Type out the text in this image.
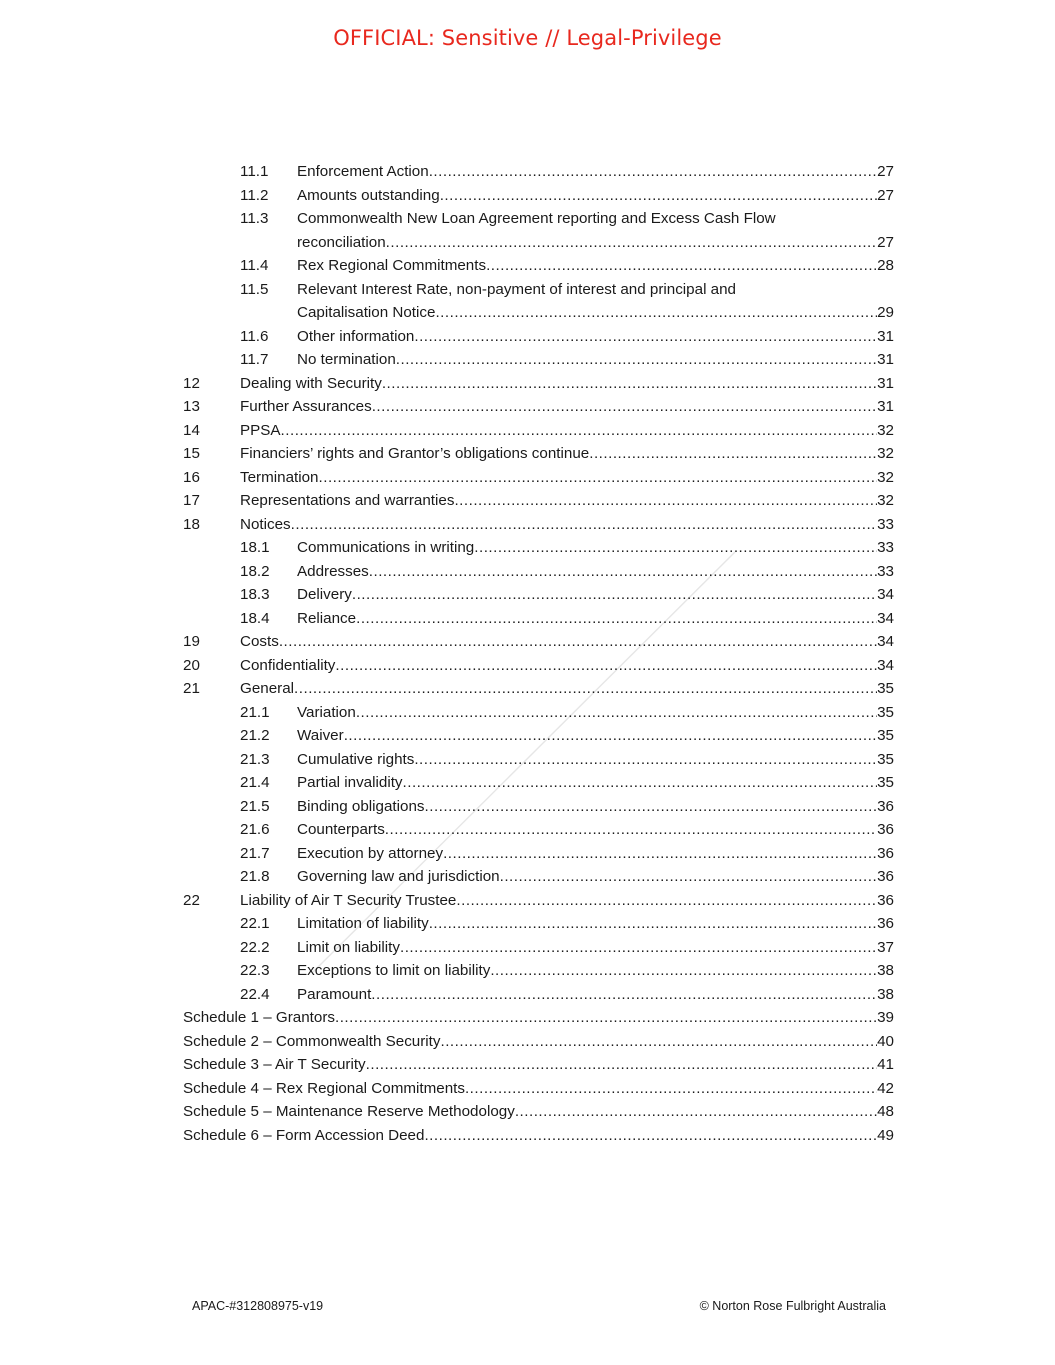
OFFICIAL: Sensitive // Legal-Privilege
11.1 Enforcement Action .....	27
11.2 Amounts outstanding .....	27
11.3 Commonwealth New Loan Agreement reporting and Excess Cash Flow
reconciliation .....	27
11.4 Rex Regional Commitments .....	28
11.5 Relevant Interest Rate, non-payment of interest and principal and
Capitalisation Notice .....	29
11.6 Other information .....	31
11.7 No termination .....	31
12	Dealing with Security .....	31
13	Further Assurances .....	31
14	PPSA .....	32
15	Financiers’ rights and Grantor’s obligations continue .....	32
16	Termination .....	32
17	Representations and warranties .....	32
18	Notices .....	33
18.1 Communications in writing .....	33
18.2 Addresses .....	33
18.3 Delivery .....	34
18.4 Reliance .....	34
19	Costs .....	34
20	Confidentiality .....	34
21	General .....	35
21.1 Variation .....	35
21.2 Waiver .....	35
21.3 Cumulative rights .....	35
21.4 Partial invalidity .....	35
21.5 Binding obligations .....	36
21.6 Counterparts .....	36
21.7 Execution by attorney .....	36
21.8 Governing law and jurisdiction .....	36
22	Liability of Air T Security Trustee .....	36
22.1 Limitation of liability .....	36
22.2 Limit on liability .....	37
22.3 Exceptions to limit on liability .....	38
22.4 Paramount .....	38
Schedule 1 – Grantors .....	39
Schedule 2 – Commonwealth Security .....	40
Schedule 3 – Air T Security .....	41
Schedule 4 – Rex Regional Commitments .....	42
Schedule 5 – Maintenance Reserve Methodology .....	48
Schedule 6 – Form Accession Deed .....	49
APAC-#312808975-v19	© Norton Rose Fulbright Australia
